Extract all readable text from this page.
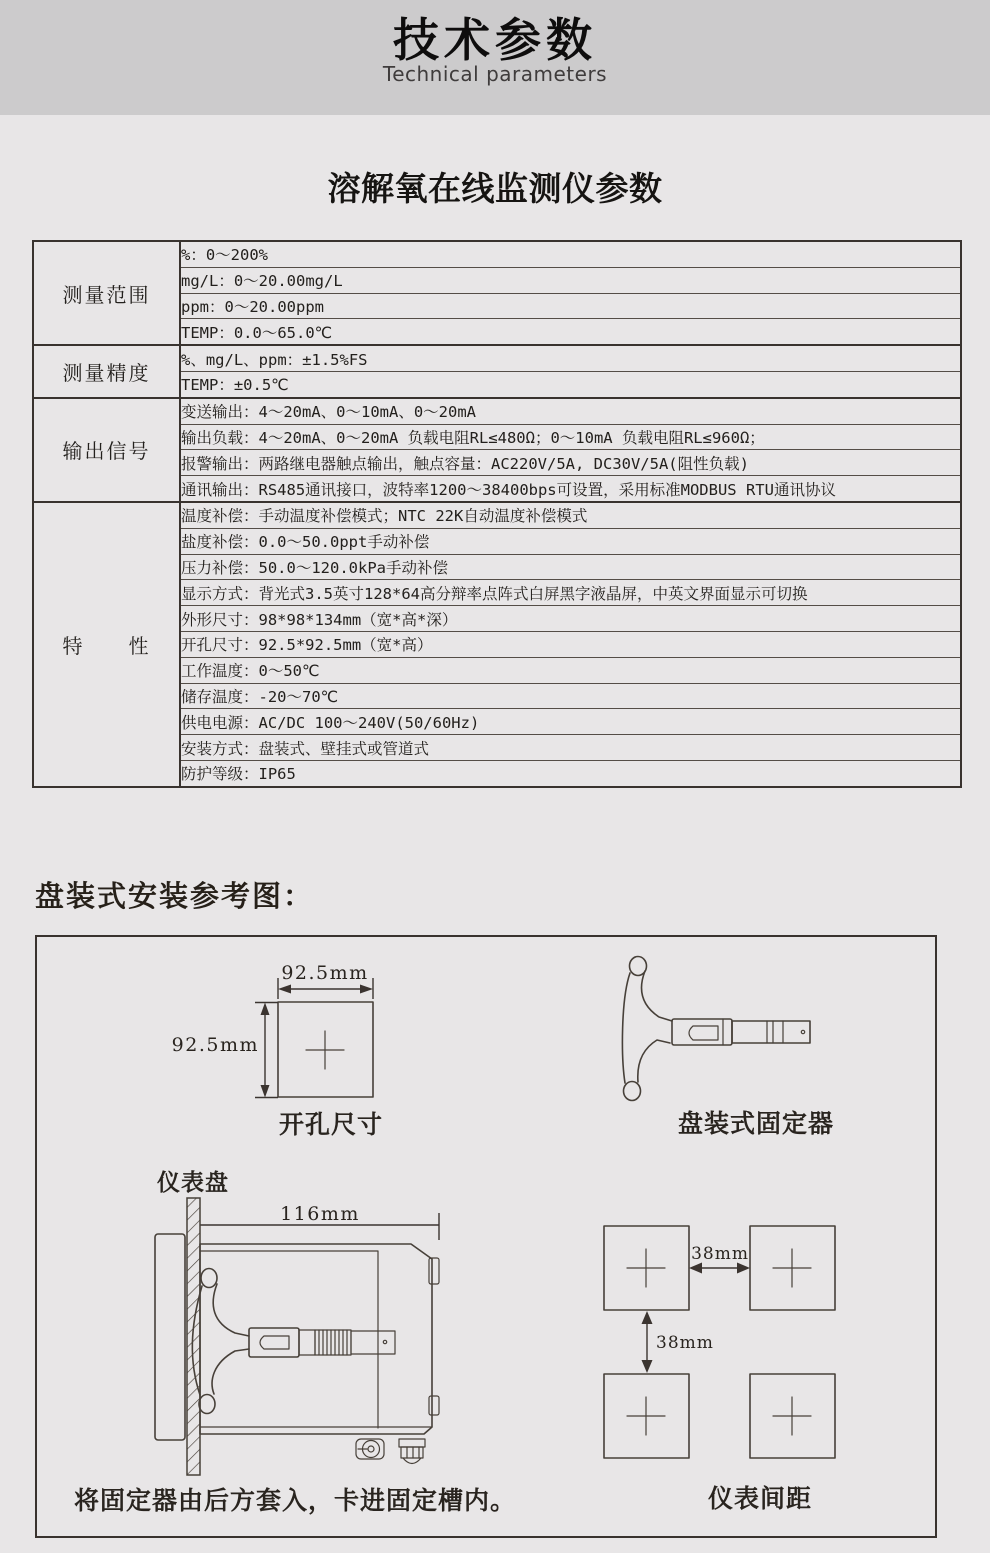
技术参数
Technical parameters
溶解氧在线监测仪参数
测量范围	%：0～200%
	mg/L：0～20.00mg/L
	ppm：0～20.00ppm
	TEMP：0.0～65.0℃
测量精度	%、mg/L、ppm：±1.5%FS
	TEMP：±0.5℃
输出信号	变送输出：4～20mA、0～10mA、0～20mA
	输出负载：4～20mA、0～20mA 负载电阻RL≤480Ω；0～10mA 负载电阻RL≤960Ω；
	报警输出：两路继电器触点输出，触点容量：AC220V/5A, DC30V/5A(阻性负载)
	通讯输出：RS485通讯接口，波特率1200～38400bps可设置，采用标准MODBUS RTU通讯协议
特　　性	温度补偿：手动温度补偿模式；NTC 22K自动温度补偿模式
	盐度补偿：0.0～50.0ppt手动补偿
	压力补偿：50.0～120.0kPa手动补偿
	显示方式：背光式3.5英寸128*64高分辩率点阵式白屏黑字液晶屏，中英文界面显示可切换
	外形尺寸：98*98*134mm（宽*高*深）
	开孔尺寸：92.5*92.5mm（宽*高）
	工作温度：0～50℃
	储存温度：-20～70℃
	供电电源：AC/DC 100～240V(50/60Hz)
	安装方式：盘装式、壁挂式或管道式
	防护等级：IP65
盘装式安装参考图：
92.5mm
92.5mm
开孔尺寸	盘装式固定器
仪表盘
116mm
将固定器由后方套入，卡进固定槽内。
38mm
38mm
仪表间距
